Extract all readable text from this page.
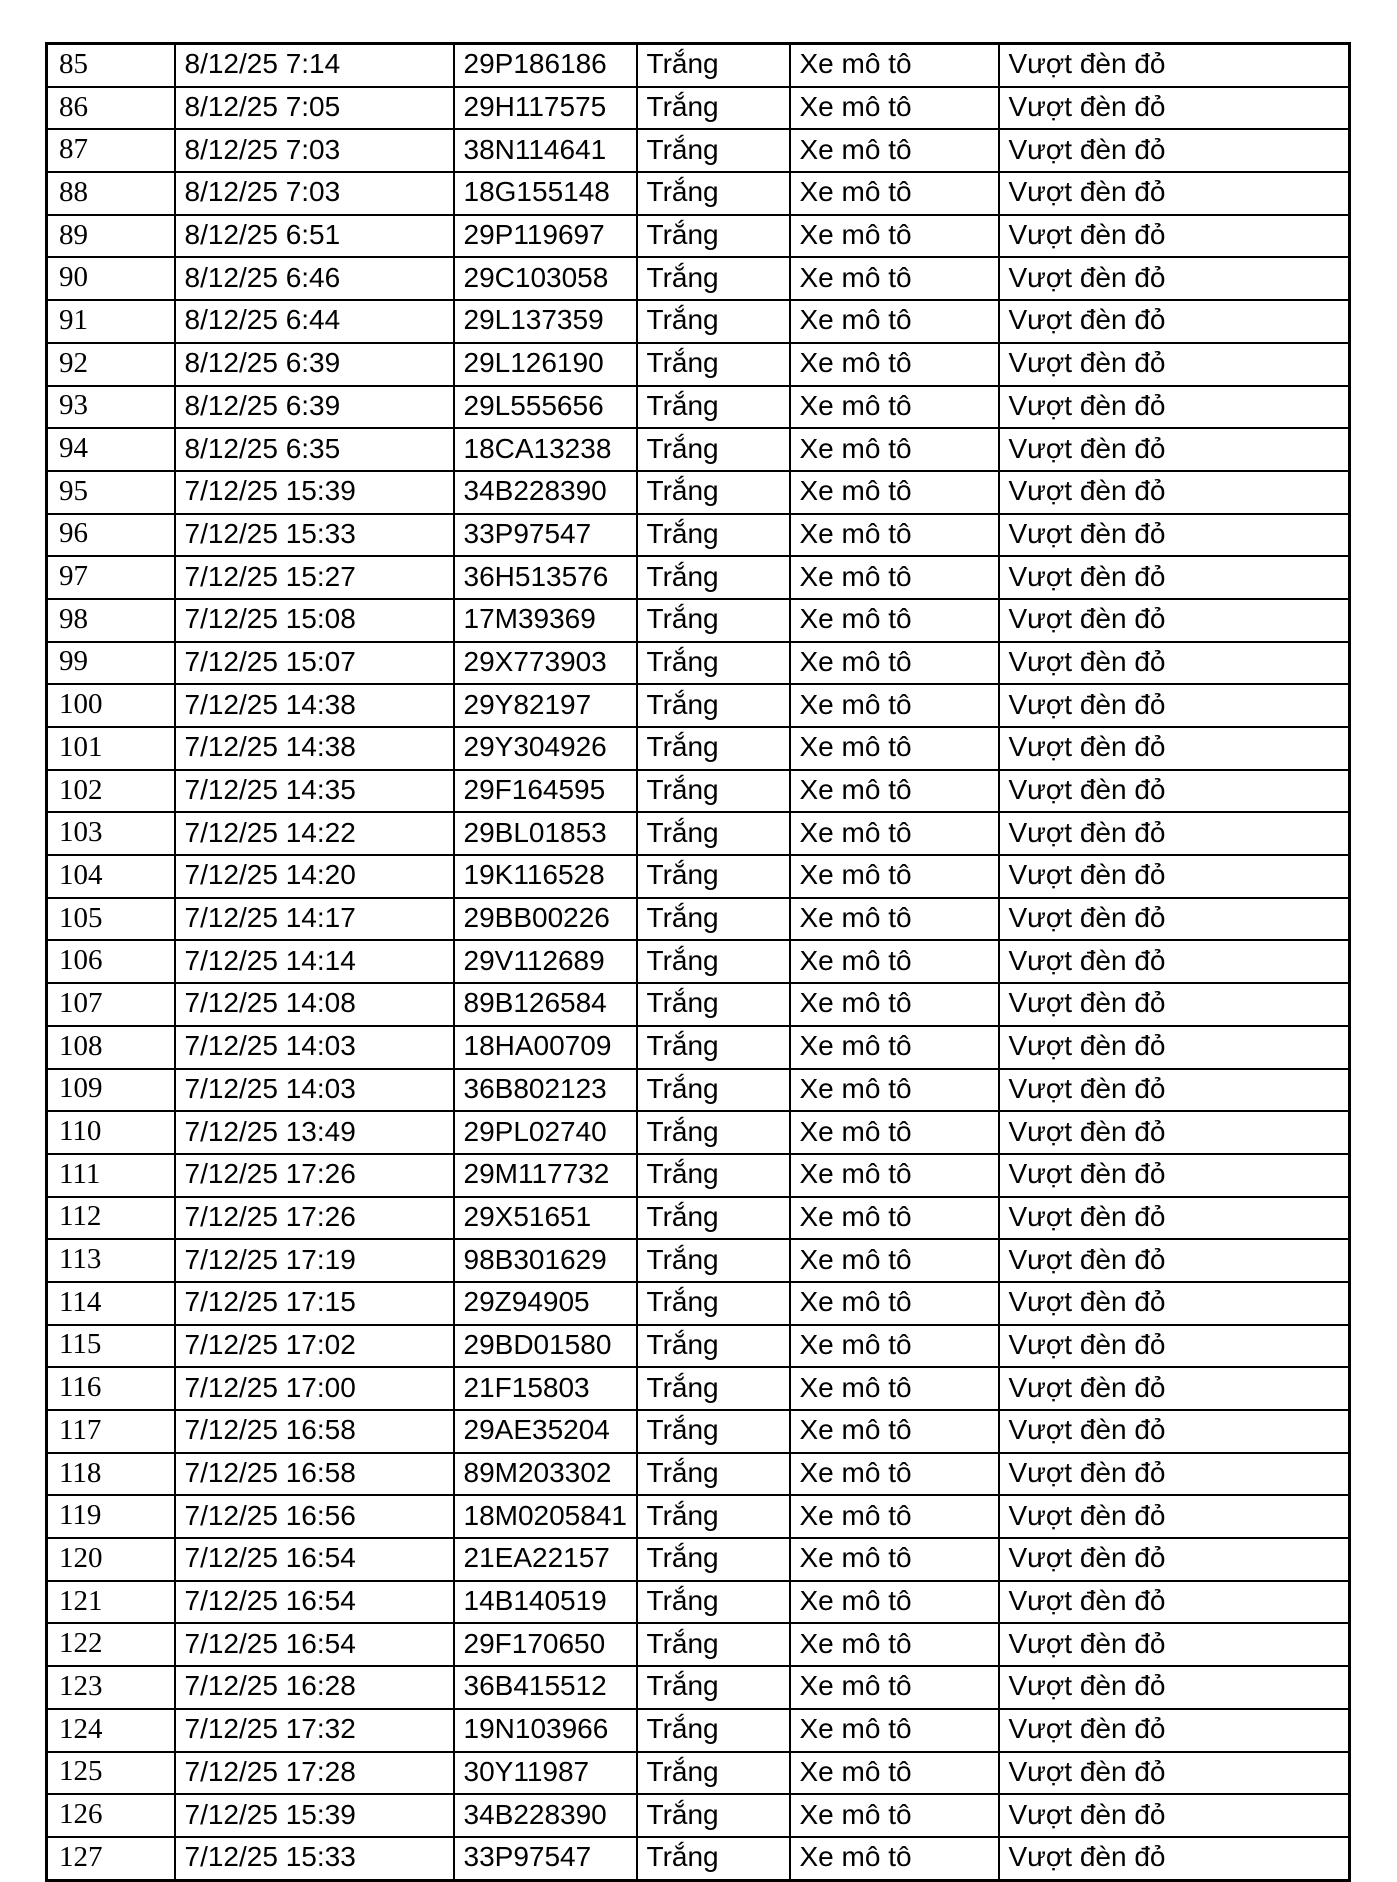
85	8/12/25 7:14	29P186186	Trắng	Xe mô tô	Vượt đèn đỏ
86	8/12/25 7:05	29H117575	Trắng	Xe mô tô	Vượt đèn đỏ
87	8/12/25 7:03	38N114641	Trắng	Xe mô tô	Vượt đèn đỏ
88	8/12/25 7:03	18G155148	Trắng	Xe mô tô	Vượt đèn đỏ
89	8/12/25 6:51	29P119697	Trắng	Xe mô tô	Vượt đèn đỏ
90	8/12/25 6:46	29C103058	Trắng	Xe mô tô	Vượt đèn đỏ
91	8/12/25 6:44	29L137359	Trắng	Xe mô tô	Vượt đèn đỏ
92	8/12/25 6:39	29L126190	Trắng	Xe mô tô	Vượt đèn đỏ
93	8/12/25 6:39	29L555656	Trắng	Xe mô tô	Vượt đèn đỏ
94	8/12/25 6:35	18CA13238	Trắng	Xe mô tô	Vượt đèn đỏ
95	7/12/25 15:39	34B228390	Trắng	Xe mô tô	Vượt đèn đỏ
96	7/12/25 15:33	33P97547	Trắng	Xe mô tô	Vượt đèn đỏ
97	7/12/25 15:27	36H513576	Trắng	Xe mô tô	Vượt đèn đỏ
98	7/12/25 15:08	17M39369	Trắng	Xe mô tô	Vượt đèn đỏ
99	7/12/25 15:07	29X773903	Trắng	Xe mô tô	Vượt đèn đỏ
100	7/12/25 14:38	29Y82197	Trắng	Xe mô tô	Vượt đèn đỏ
101	7/12/25 14:38	29Y304926	Trắng	Xe mô tô	Vượt đèn đỏ
102	7/12/25 14:35	29F164595	Trắng	Xe mô tô	Vượt đèn đỏ
103	7/12/25 14:22	29BL01853	Trắng	Xe mô tô	Vượt đèn đỏ
104	7/12/25 14:20	19K116528	Trắng	Xe mô tô	Vượt đèn đỏ
105	7/12/25 14:17	29BB00226	Trắng	Xe mô tô	Vượt đèn đỏ
106	7/12/25 14:14	29V112689	Trắng	Xe mô tô	Vượt đèn đỏ
107	7/12/25 14:08	89B126584	Trắng	Xe mô tô	Vượt đèn đỏ
108	7/12/25 14:03	18HA00709	Trắng	Xe mô tô	Vượt đèn đỏ
109	7/12/25 14:03	36B802123	Trắng	Xe mô tô	Vượt đèn đỏ
110	7/12/25 13:49	29PL02740	Trắng	Xe mô tô	Vượt đèn đỏ
111	7/12/25 17:26	29M117732	Trắng	Xe mô tô	Vượt đèn đỏ
112	7/12/25 17:26	29X51651	Trắng	Xe mô tô	Vượt đèn đỏ
113	7/12/25 17:19	98B301629	Trắng	Xe mô tô	Vượt đèn đỏ
114	7/12/25 17:15	29Z94905	Trắng	Xe mô tô	Vượt đèn đỏ
115	7/12/25 17:02	29BD01580	Trắng	Xe mô tô	Vượt đèn đỏ
116	7/12/25 17:00	21F15803	Trắng	Xe mô tô	Vượt đèn đỏ
117	7/12/25 16:58	29AE35204	Trắng	Xe mô tô	Vượt đèn đỏ
118	7/12/25 16:58	89M203302	Trắng	Xe mô tô	Vượt đèn đỏ
119	7/12/25 16:56	18M0205841	Trắng	Xe mô tô	Vượt đèn đỏ
120	7/12/25 16:54	21EA22157	Trắng	Xe mô tô	Vượt đèn đỏ
121	7/12/25 16:54	14B140519	Trắng	Xe mô tô	Vượt đèn đỏ
122	7/12/25 16:54	29F170650	Trắng	Xe mô tô	Vượt đèn đỏ
123	7/12/25 16:28	36B415512	Trắng	Xe mô tô	Vượt đèn đỏ
124	7/12/25 17:32	19N103966	Trắng	Xe mô tô	Vượt đèn đỏ
125	7/12/25 17:28	30Y11987	Trắng	Xe mô tô	Vượt đèn đỏ
126	7/12/25 15:39	34B228390	Trắng	Xe mô tô	Vượt đèn đỏ
127	7/12/25 15:33	33P97547	Trắng	Xe mô tô	Vượt đèn đỏ
